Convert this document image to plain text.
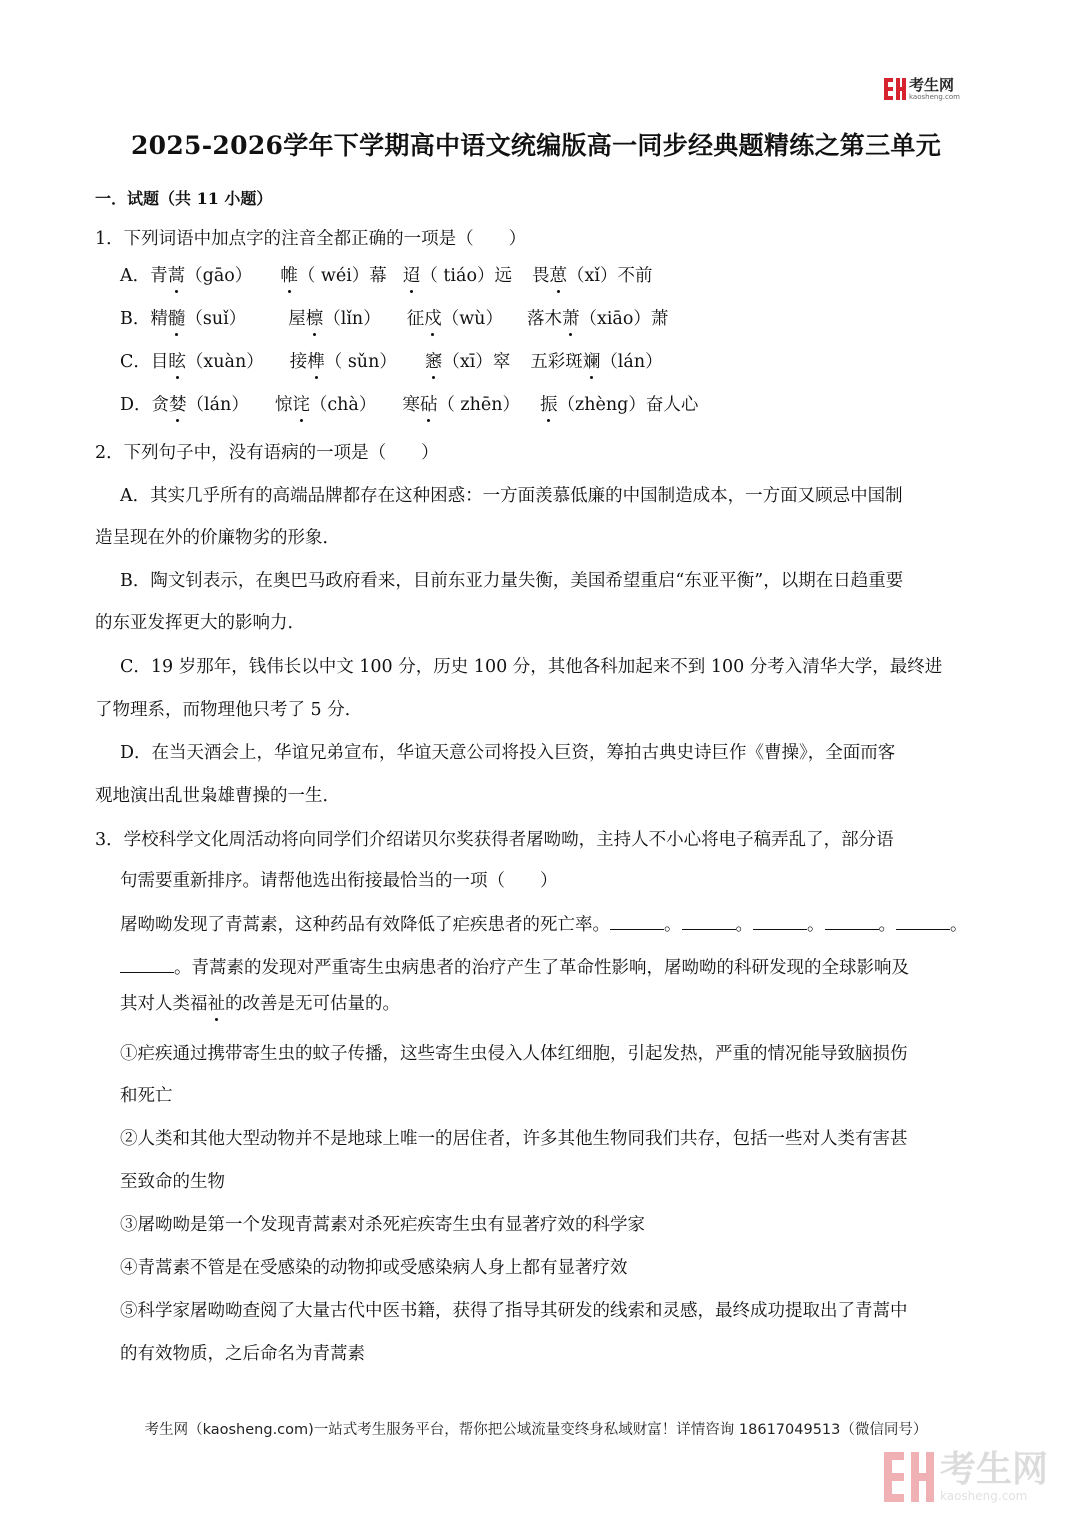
考生网
kaosheng.com
2025-2026学年下学期高中语文统编版高一同步经典题精练之第三单元
一．试题（共 11 小题）
1．下列词语中加点字的注音全都正确的一项是（　　）
A．青蒿（gāo） 帷（ wéi）幕 迢（ tiáo）远 畏葸（xǐ）不前
B．精髓（suǐ） 屋檩（lǐn） 征戍（wù） 落木萧（xiāo）萧
C．目眩（xuàn） 接榫（ sǔn） 窸（xī）窣 五彩斑斓（lán）
D．贪婪（lán） 惊诧（chà） 寒砧（ zhēn） 振（zhèng）奋人心
2．下列句子中，没有语病的一项是（　　）
A．其实几乎所有的高端品牌都存在这种困惑：一方面羡慕低廉的中国制造成本，一方面又顾忌中国制
造呈现在外的价廉物劣的形象．
B．陶文钊表示，在奥巴马政府看来，目前东亚力量失衡，美国希望重启“东亚平衡”，以期在日趋重要
的东亚发挥更大的影响力．
C．19 岁那年，钱伟长以中文 100 分，历史 100 分，其他各科加起来不到 100 分考入清华大学，最终进
了物理系，而物理他只考了 5 分．
D．在当天酒会上，华谊兄弟宣布，华谊天意公司将投入巨资，筹拍古典史诗巨作《曹操》，全面而客
观地演出乱世枭雄曹操的一生．
3．学校科学文化周活动将向同学们介绍诺贝尔奖获得者屠呦呦，主持人不小心将电子稿弄乱了，部分语
句需要重新排序。请帮他选出衔接最恰当的一项（　　）
屠呦呦发现了青蒿素，这种药品有效降低了疟疾患者的死亡率。	。	。	。	。	。
。青蒿素的发现对严重寄生虫病患者的治疗产生了革命性影响，屠呦呦的科研发现的全球影响及
其对人类福祉的改善是无可估量的。
①疟疾通过携带寄生虫的蚊子传播，这些寄生虫侵入人体红细胞，引起发热，严重的情况能导致脑损伤
和死亡
②人类和其他大型动物并不是地球上唯一的居住者，许多其他生物同我们共存，包括一些对人类有害甚
至致命的生物
③屠呦呦是第一个发现青蒿素对杀死疟疾寄生虫有显著疗效的科学家
④青蒿素不管是在受感染的动物抑或受感染病人身上都有显著疗效
⑤科学家屠呦呦查阅了大量古代中医书籍，获得了指导其研发的线索和灵感，最终成功提取出了青蒿中
的有效物质，之后命名为青蒿素
考生网（kaosheng.com)一站式考生服务平台，帮你把公域流量变终身私域财富！详情咨询 18617049513（微信同号）
考生网
kaosheng.com
